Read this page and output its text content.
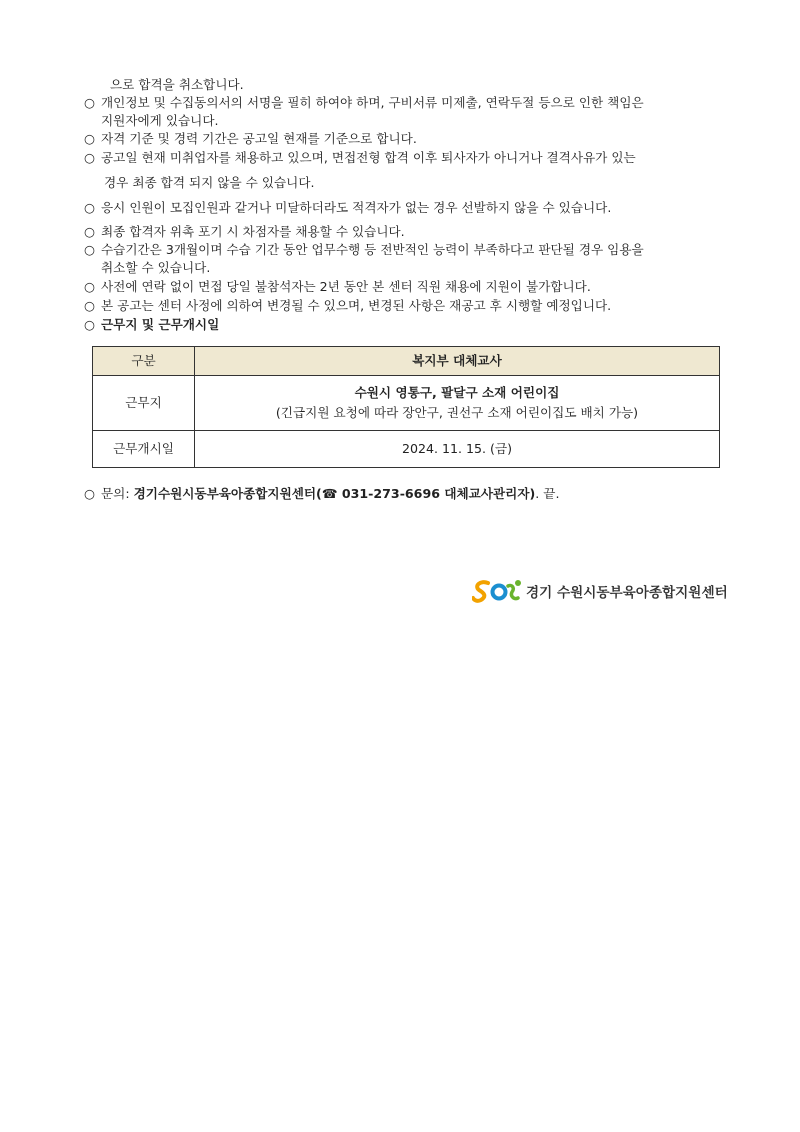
으로 합격을 취소합니다.
○ 개인정보 및 수집동의서의 서명을 필히 하여야 하며, 구비서류 미제출, 연락두절 등으로 인한 책임은
지원자에게 있습니다.
○ 자격 기준 및 경력 기간은 공고일 현재를 기준으로 합니다.
○ 공고일 현재 미취업자를 채용하고 있으며, 면접전형 합격 이후 퇴사자가 아니거나 결격사유가 있는
경우 최종 합격 되지 않을 수 있습니다.
○ 응시 인원이 모집인원과 같거나 미달하더라도 적격자가 없는 경우 선발하지 않을 수 있습니다.
○ 최종 합격자 위촉 포기 시 차점자를 채용할 수 있습니다.
○ 수습기간은 3개월이며 수습 기간 동안 업무수행 등 전반적인 능력이 부족하다고 판단될 경우 임용을
취소할 수 있습니다.
○ 사전에 연락 없이 면접 당일 불참석자는 2년 동안 본 센터 직원 채용에 지원이 불가합니다.
○ 본 공고는 센터 사정에 의하여 변경될 수 있으며, 변경된 사항은 재공고 후 시행할 예정입니다.
○ 근무지 및 근무개시일
구분	복지부 대체교사
근무지	수원시 영통구, 팔달구 소재 어린이집
(긴급지원 요청에 따라 장안구, 권선구 소재 어린이집도 배치 가능)

근무개시일	2024. 11. 15. (금)
○ 문의: 경기수원시동부육아종합지원센터(☎ 031-273-6696 대체교사관리자). 끝.
경기 수원시동부육아종합지원센터
